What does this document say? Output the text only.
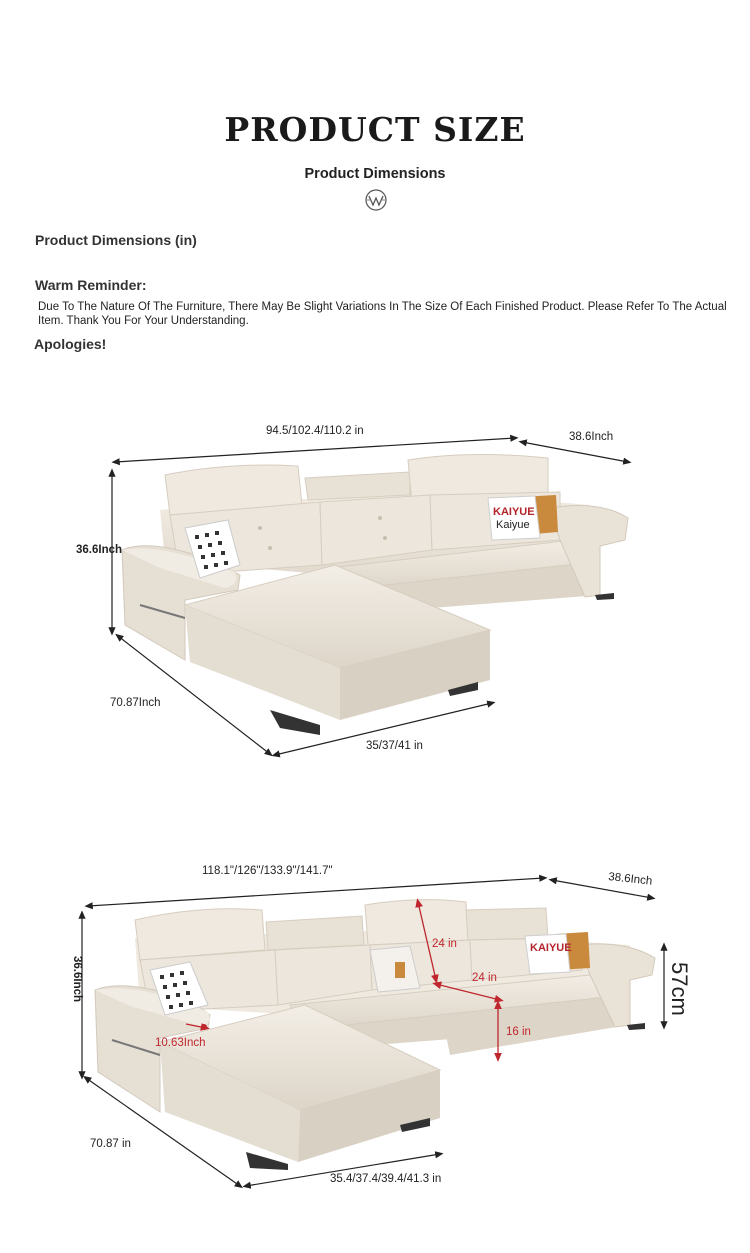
PRODUCT SIZE
Product Dimensions
Product Dimensions (in)
Warm Reminder:
Due To The Nature Of The Furniture, There May Be Slight Variations In The Size Of Each Finished Product. Please Refer To The Actual Item. Thank You For Your Understanding.
Apologies!
KAIYUE
Kaiyue
94.5/102.4/110.2 in	38.6Inch
36.6Inch
70.87Inch
35/37/41 in
KAIYUE
118.1"/126"/133.9"/141.7"
38.6Inch
36.6Inch	57cm
24 in
24 in
16 in
10.63Inch
70.87 in
35.4/37.4/39.4/41.3 in
